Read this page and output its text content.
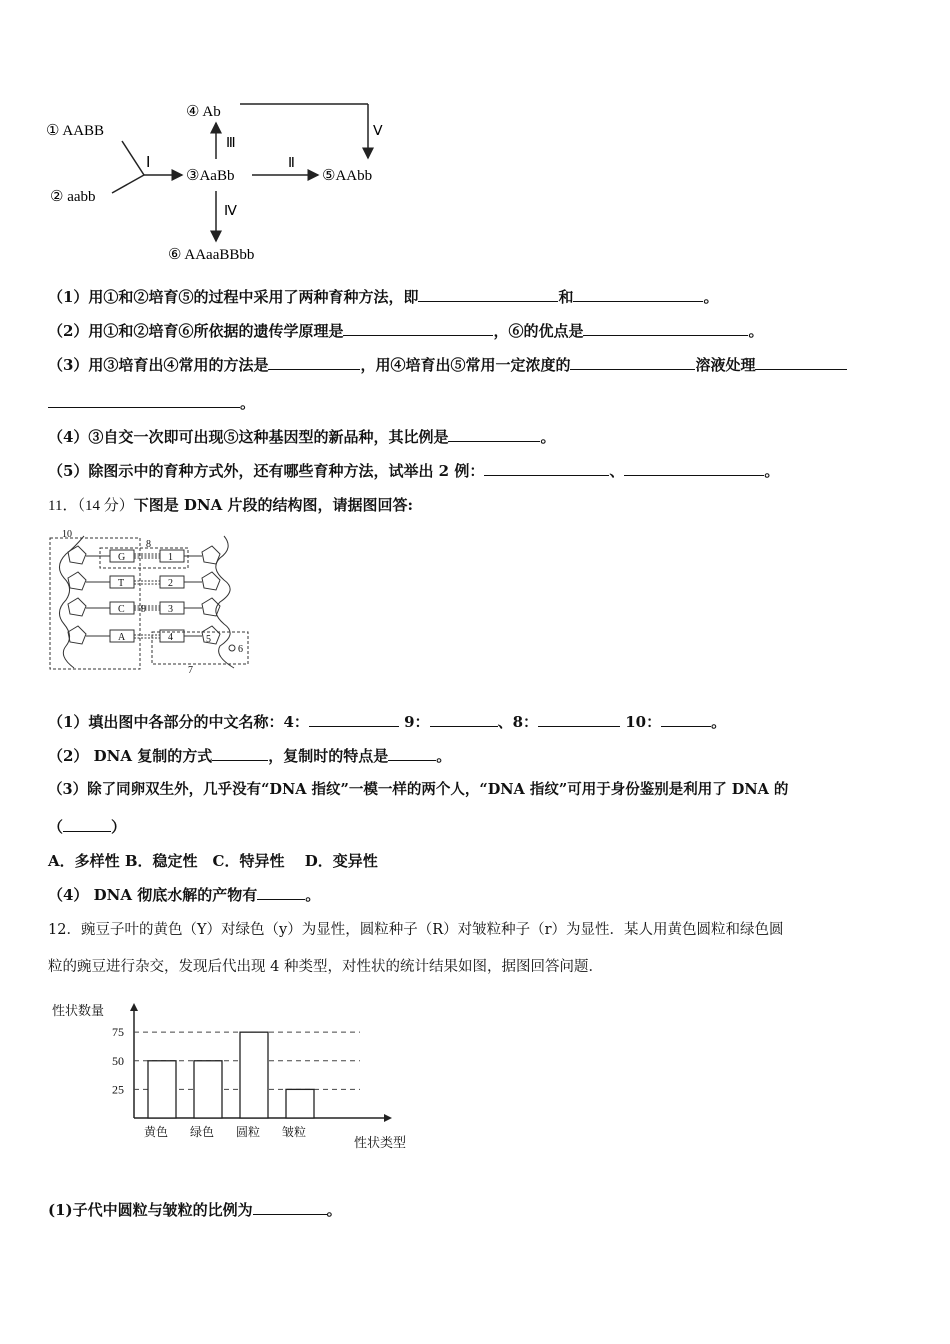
① AABB
② aabb
Ⅰ
③AaBb
④ Ab
Ⅲ
Ⅴ
Ⅱ
⑤AAbb
Ⅳ
⑥ AAaaBBbb
（1）用①和②培育⑤的过程中采用了两种育种方法，即	和	。
（2）用①和②培育⑥所依据的遗传学原理是	，⑥的优点是	。
（3）用③培育出④常用的方法是	，用④培育出⑤常用一定浓度的	溶液处理
。
（4）③自交一次即可出现⑤这种基因型的新品种，其比例是	。
（5）除图示中的育种方式外，还有哪些育种方法，试举出 2 例：	、	。
11．（14 分）下图是 DNA 片段的结构图，请据图回答:
10
8
9
7
6
5
G
T
C
A
1
2
3
4
（1）填出图中各部分的中文名称：4：	9：	、8：	10：	。
（2） DNA 复制的方式	，复制时的特点是	。
（3）除了同卵双生外，几乎没有“DNA 指纹”一模一样的两个人，“DNA 指纹”可用于身份鉴别是利用了 DNA 的
（	）
A．多样性 B．稳定性　C．特异性　 D．变异性
（4） DNA 彻底水解的产物有	。
12．豌豆子叶的黄色（Y）对绿色（y）为显性，圆粒种子（R）对皱粒种子（r）为显性．某人用黄色圆粒和绿色圆
粒的豌豆进行杂交，发现后代出现 4 种类型，对性状的统计结果如图，据图回答问题．
性状数量
性状类型
25
50
75
黄色 绿色 圆粒 皱粒
(1)子代中圆粒与皱粒的比例为	。
